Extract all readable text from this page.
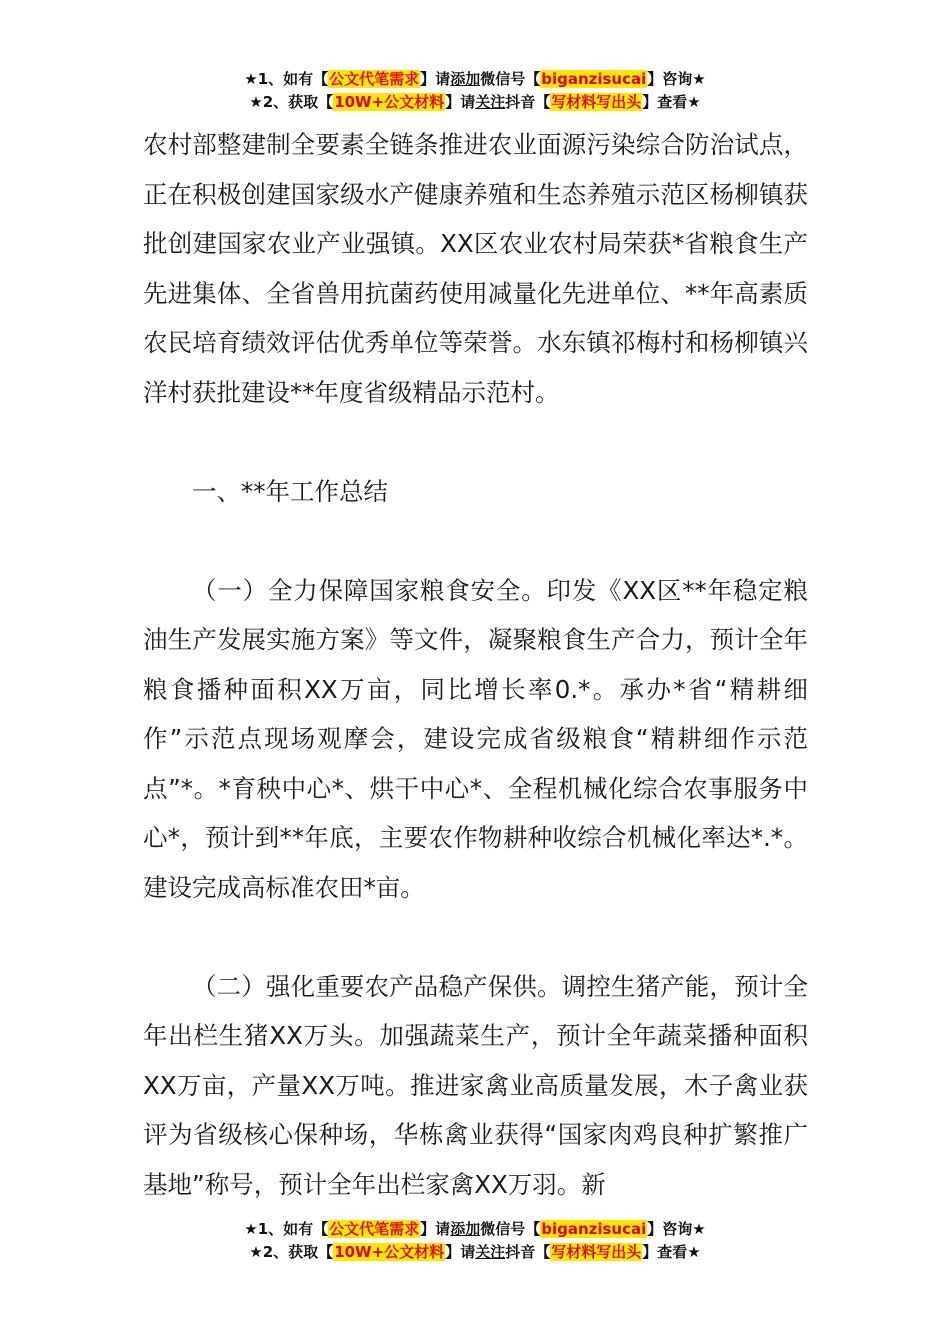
★1、如有【公文代笔需求】请添加微信号【biganzisucai】咨询★
★2、获取【10W+公文材料】请关注抖音【写材料写出头】查看★

农村部整建制全要素全链条推进农业面源污染综合防治试点，正在积极创建国家级水产健康养殖和生态养殖示范区杨柳镇获批创建国家农业产业强镇。XX区农业农村局荣获*省粮食生产先进集体、全省兽用抗菌药使用减量化先进单位、**年高素质农民培育绩效评估优秀单位等荣誉。水东镇祁梅村和杨柳镇兴洋村获批建设**年度省级精品示范村。

一、**年工作总结

（一）全力保障国家粮食安全。印发《XX区**年稳定粮油生产发展实施方案》等文件，凝聚粮食生产合力，预计全年粮食播种面积XX万亩，同比增长率0.*。承办*省“精耕细作”示范点现场观摩会，建设完成省级粮食“精耕细作示范点”*。*育秧中心*、烘干中心*、全程机械化综合农事服务中心*，预计到**年底，主要农作物耕种收综合机械化率达*.*。建设完成高标准农田*亩。

（二）强化重要农产品稳产保供。调控生猪产能，预计全年出栏生猪XX万头。加强蔬菜生产，预计全年蔬菜播种面积XX万亩，产量XX万吨。推进家禽业高质量发展，木子禽业获评为省级核心保种场，华栋禽业获得“国家肉鸡良种扩繁推广基地”称号，预计全年出栏家禽XX万羽。新

★1、如有【公文代笔需求】请添加微信号【biganzisucai】咨询★
★2、获取【10W+公文材料】请关注抖音【写材料写出头】查看★
